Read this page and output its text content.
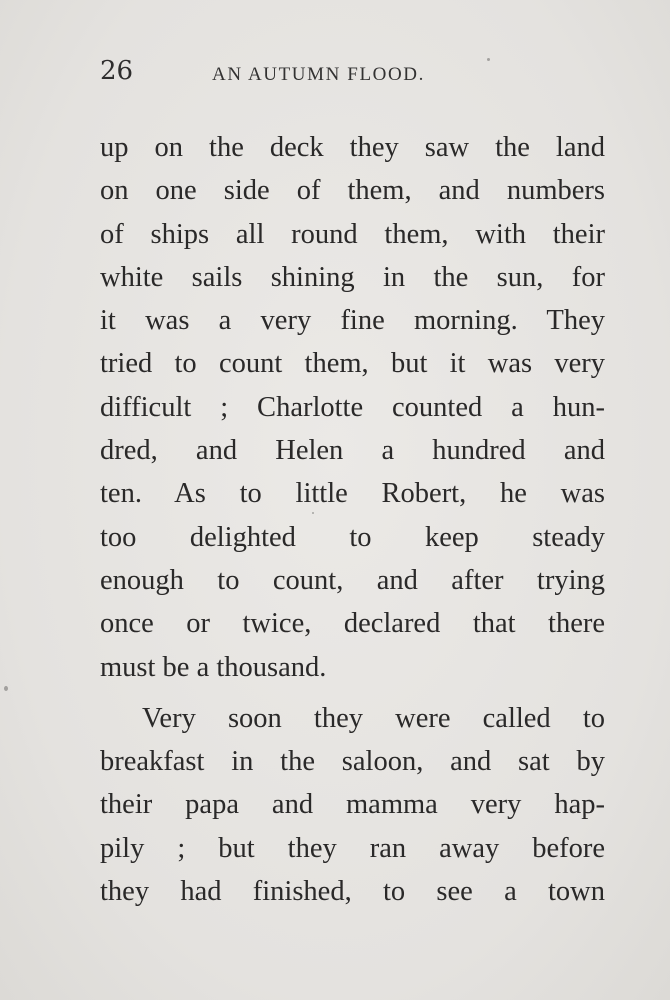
26	AN AUTUMN FLOOD.
up on the deck they saw the land
on one side of them, and numbers
of ships all round them, with their
white sails shining in the sun, for
it was a very fine morning. They
tried to count them, but it was very
difficult ; Charlotte counted a hun-
dred, and Helen a hundred and
ten. As to little Robert, he was
too delighted to keep steady
enough to count, and after trying
once or twice, declared that there
must be a thousand.
Very soon they were called to
breakfast in the saloon, and sat by
their papa and mamma very hap-
pily ; but they ran away before
they had finished, to see a town
